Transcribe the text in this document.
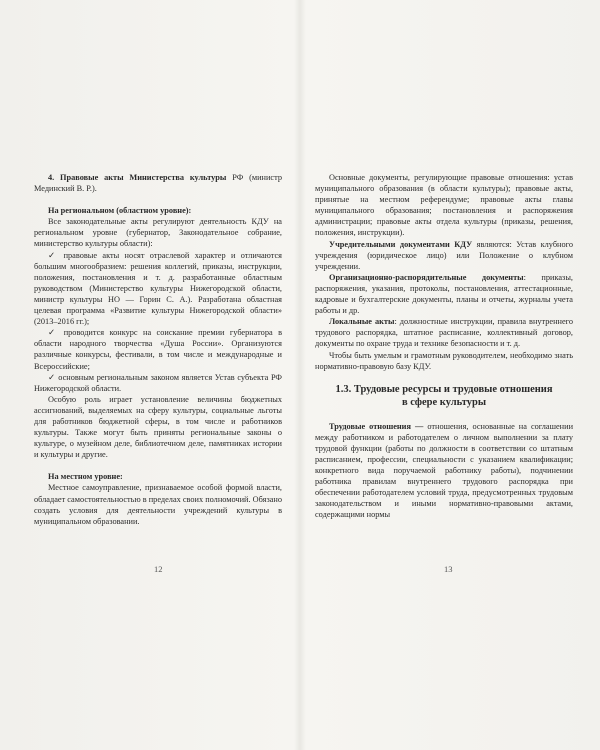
4. Правовые акты Министерства культуры РФ (министр Мединский В. Р.).

На региональном (областном уровне):

Все законодательные акты регулируют деятельность КДУ на региональном уровне (губернатор, Законодательное собрание, министерство культуры области):

✓ правовые акты носят отраслевой характер и отличаются большим многообразием: решения коллегий, приказы, инструкции, положения, постановления и т. д. разработанные областным руководством (Министерство культуры Нижегородской области, министр культуры НО — Горин С. А.). Разработана областная целевая программа «Развитие культуры Нижегородской области» (2013–2016 гг.);

✓ проводится конкурс на соискание премии губернатора в области народного творчества «Душа России». Организуются различные конкурсы, фестивали, в том числе и международные и Всероссийские;

✓ основным региональным законом является Устав субъекта РФ Нижегородской области.

Особую роль играет установление величины бюджетных ассигнований, выделяемых на сферу культуры, социальные льготы для работников бюджетной сферы, в том числе и работников культуры. Также могут быть приняты региональные законы о культуре, о музейном деле, библиотечном деле, памятниках истории и культуры и другие.

На местном уровне:

Местное самоуправление, признаваемое особой формой власти, обладает самостоятельностью в пределах своих полномочий. Обязано создать условия для деятельности учреждений культуры в муниципальном образовании.

12

Основные документы, регулирующие правовые отношения: устав муниципального образования (в области культуры); правовые акты, принятые на местном референдуме; правовые акты главы муниципального образования; постановления и распоряжения администрации; правовые акты отдела культуры (приказы, решения, положения, инструкции).

Учредительными документами КДУ являются: Устав клубного учреждения (юридическое лицо) или Положение о клубном учреждении.

Организационно-распорядительные документы: приказы, распоряжения, указания, протоколы, постановления, аттестационные, кадровые и бухгалтерские документы, планы и отчеты, журналы учета работы и др.

Локальные акты: должностные инструкции, правила внутреннего трудового распорядка, штатное расписание, коллективный договор, документы по охране труда и технике безопасности и т. д.

Чтобы быть умелым и грамотным руководителем, необходимо знать нормативно-правовую базу КДУ.

1.3. Трудовые ресурсы и трудовые отношения

в сфере культуры

Трудовые отношения — отношения, основанные на соглашении между работником и работодателем о личном выполнении за плату трудовой функции (работы по должности в соответствии со штатным расписанием, профессии, специальности с указанием квалификации; конкретного вида поручаемой работнику работы), подчинении работника правилам внутреннего трудового распорядка при обеспечении работодателем условий труда, предусмотренных трудовым законодательством и иными нормативно-правовыми актами, содержащими нормы

13
